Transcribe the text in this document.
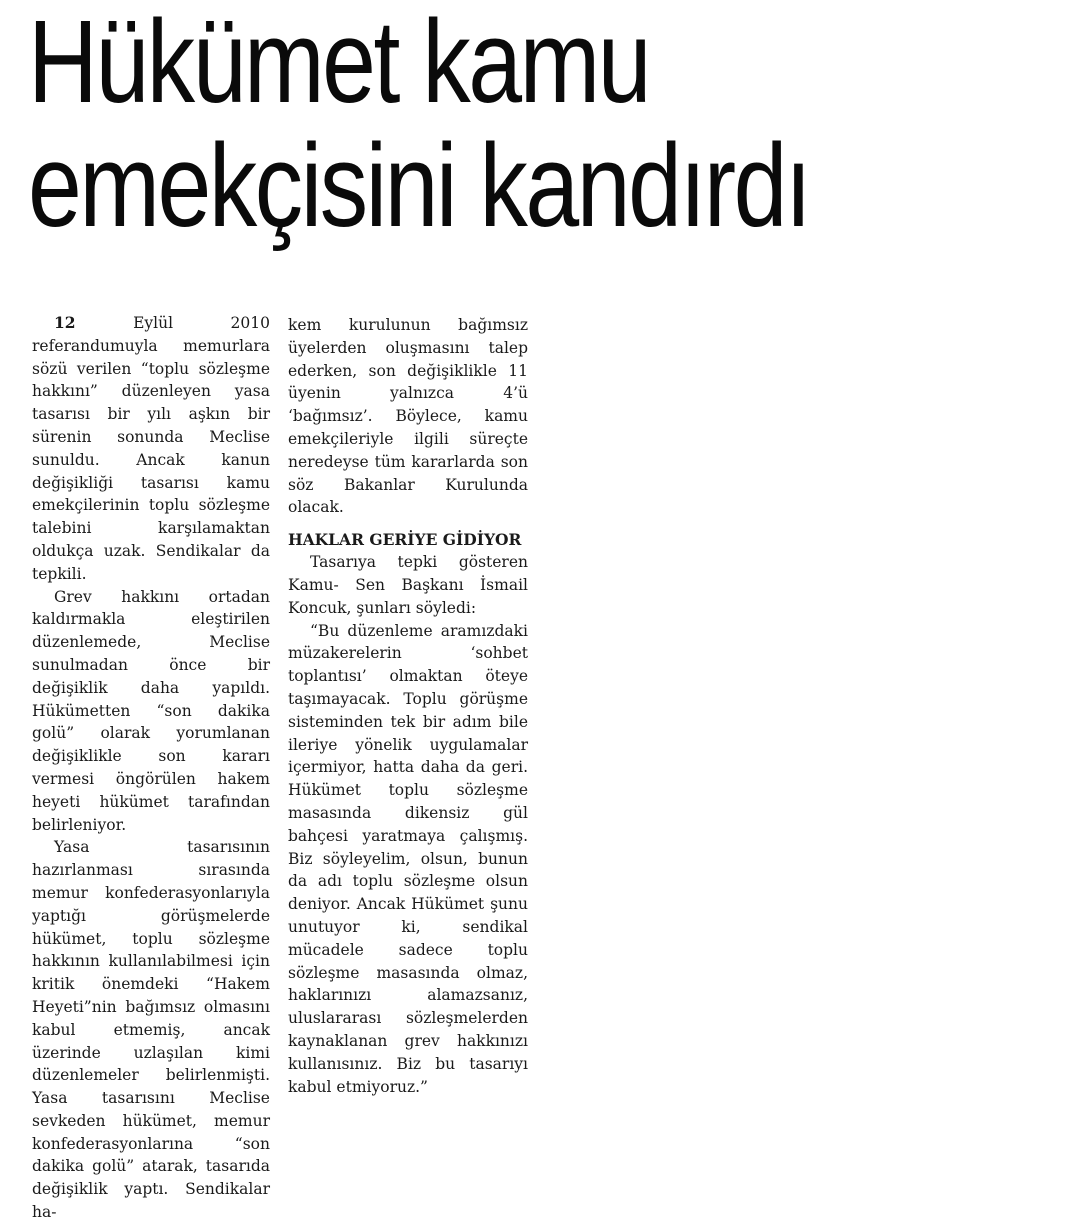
Hükümet kamu
emekçisini kandırdı

12	Eylül 2010 referandumuyla memurlara sözü verilen “toplu sözleşme hakkını” düzenleyen yasa tasarısı bir yılı aşkın bir sürenin sonunda Meclise sunuldu. Ancak kanun değişikliği tasarısı kamu emekçilerinin toplu sözleşme talebini karşılamaktan oldukça uzak. Sendikalar da tepkili.

Grev hakkını ortadan kaldırmakla eleştirilen düzenlemede, Meclise sunulmadan önce bir değişiklik daha yapıldı. Hükümetten “son dakika golü” olarak yorumlanan değişiklikle son kararı vermesi öngörülen hakem heyeti hükümet tarafından belirleniyor.

Yasa tasarısının hazırlanması sırasında memur konfederasyonlarıyla yaptığı görüşmelerde hükümet, toplu sözleşme hakkının kullanılabilmesi için kritik önemdeki “Hakem Heyeti”nin bağımsız olmasını kabul etmemiş, ancak üzerinde uzlaşılan kimi düzenlemeler belirlenmişti. Yasa tasarısını Meclise sevkeden hükümet, memur konfederasyonlarına “son dakika golü” atarak, tasarıda değişiklik yaptı. Sendikalar ha-

kem kurulunun bağımsız üyelerden oluşmasını talep ederken, son değişiklikle 11 üyenin yalnızca 4’ü ‘bağımsız’. Böylece, kamu emekçileriyle ilgili süreçte neredeyse tüm kararlarda son söz Bakanlar Kurulunda olacak.

HAKLAR GERİYE GİDİYOR

Tasarıya tepki gösteren Kamu- Sen Başkanı İsmail Koncuk, şunları söyledi:

“Bu düzenleme aramızdaki müzakerelerin ‘sohbet toplantısı’ olmaktan öteye taşımayacak. Toplu görüşme sisteminden tek bir adım bile ileriye yönelik uygulamalar içermiyor, hatta daha da geri. Hükümet toplu sözleşme masasında dikensiz gül bahçesi yaratmaya çalışmış. Biz söyleyelim, olsun, bunun da adı toplu sözleşme olsun deniyor. Ancak Hükümet şunu unutuyor ki, sendikal mücadele sadece toplu sözleşme masasında olmaz, haklarınızı alamazsanız, uluslararası sözleşmelerden kaynaklanan grev hakkınızı kullanısınız. Biz bu tasarıyı kabul etmiyoruz.”
